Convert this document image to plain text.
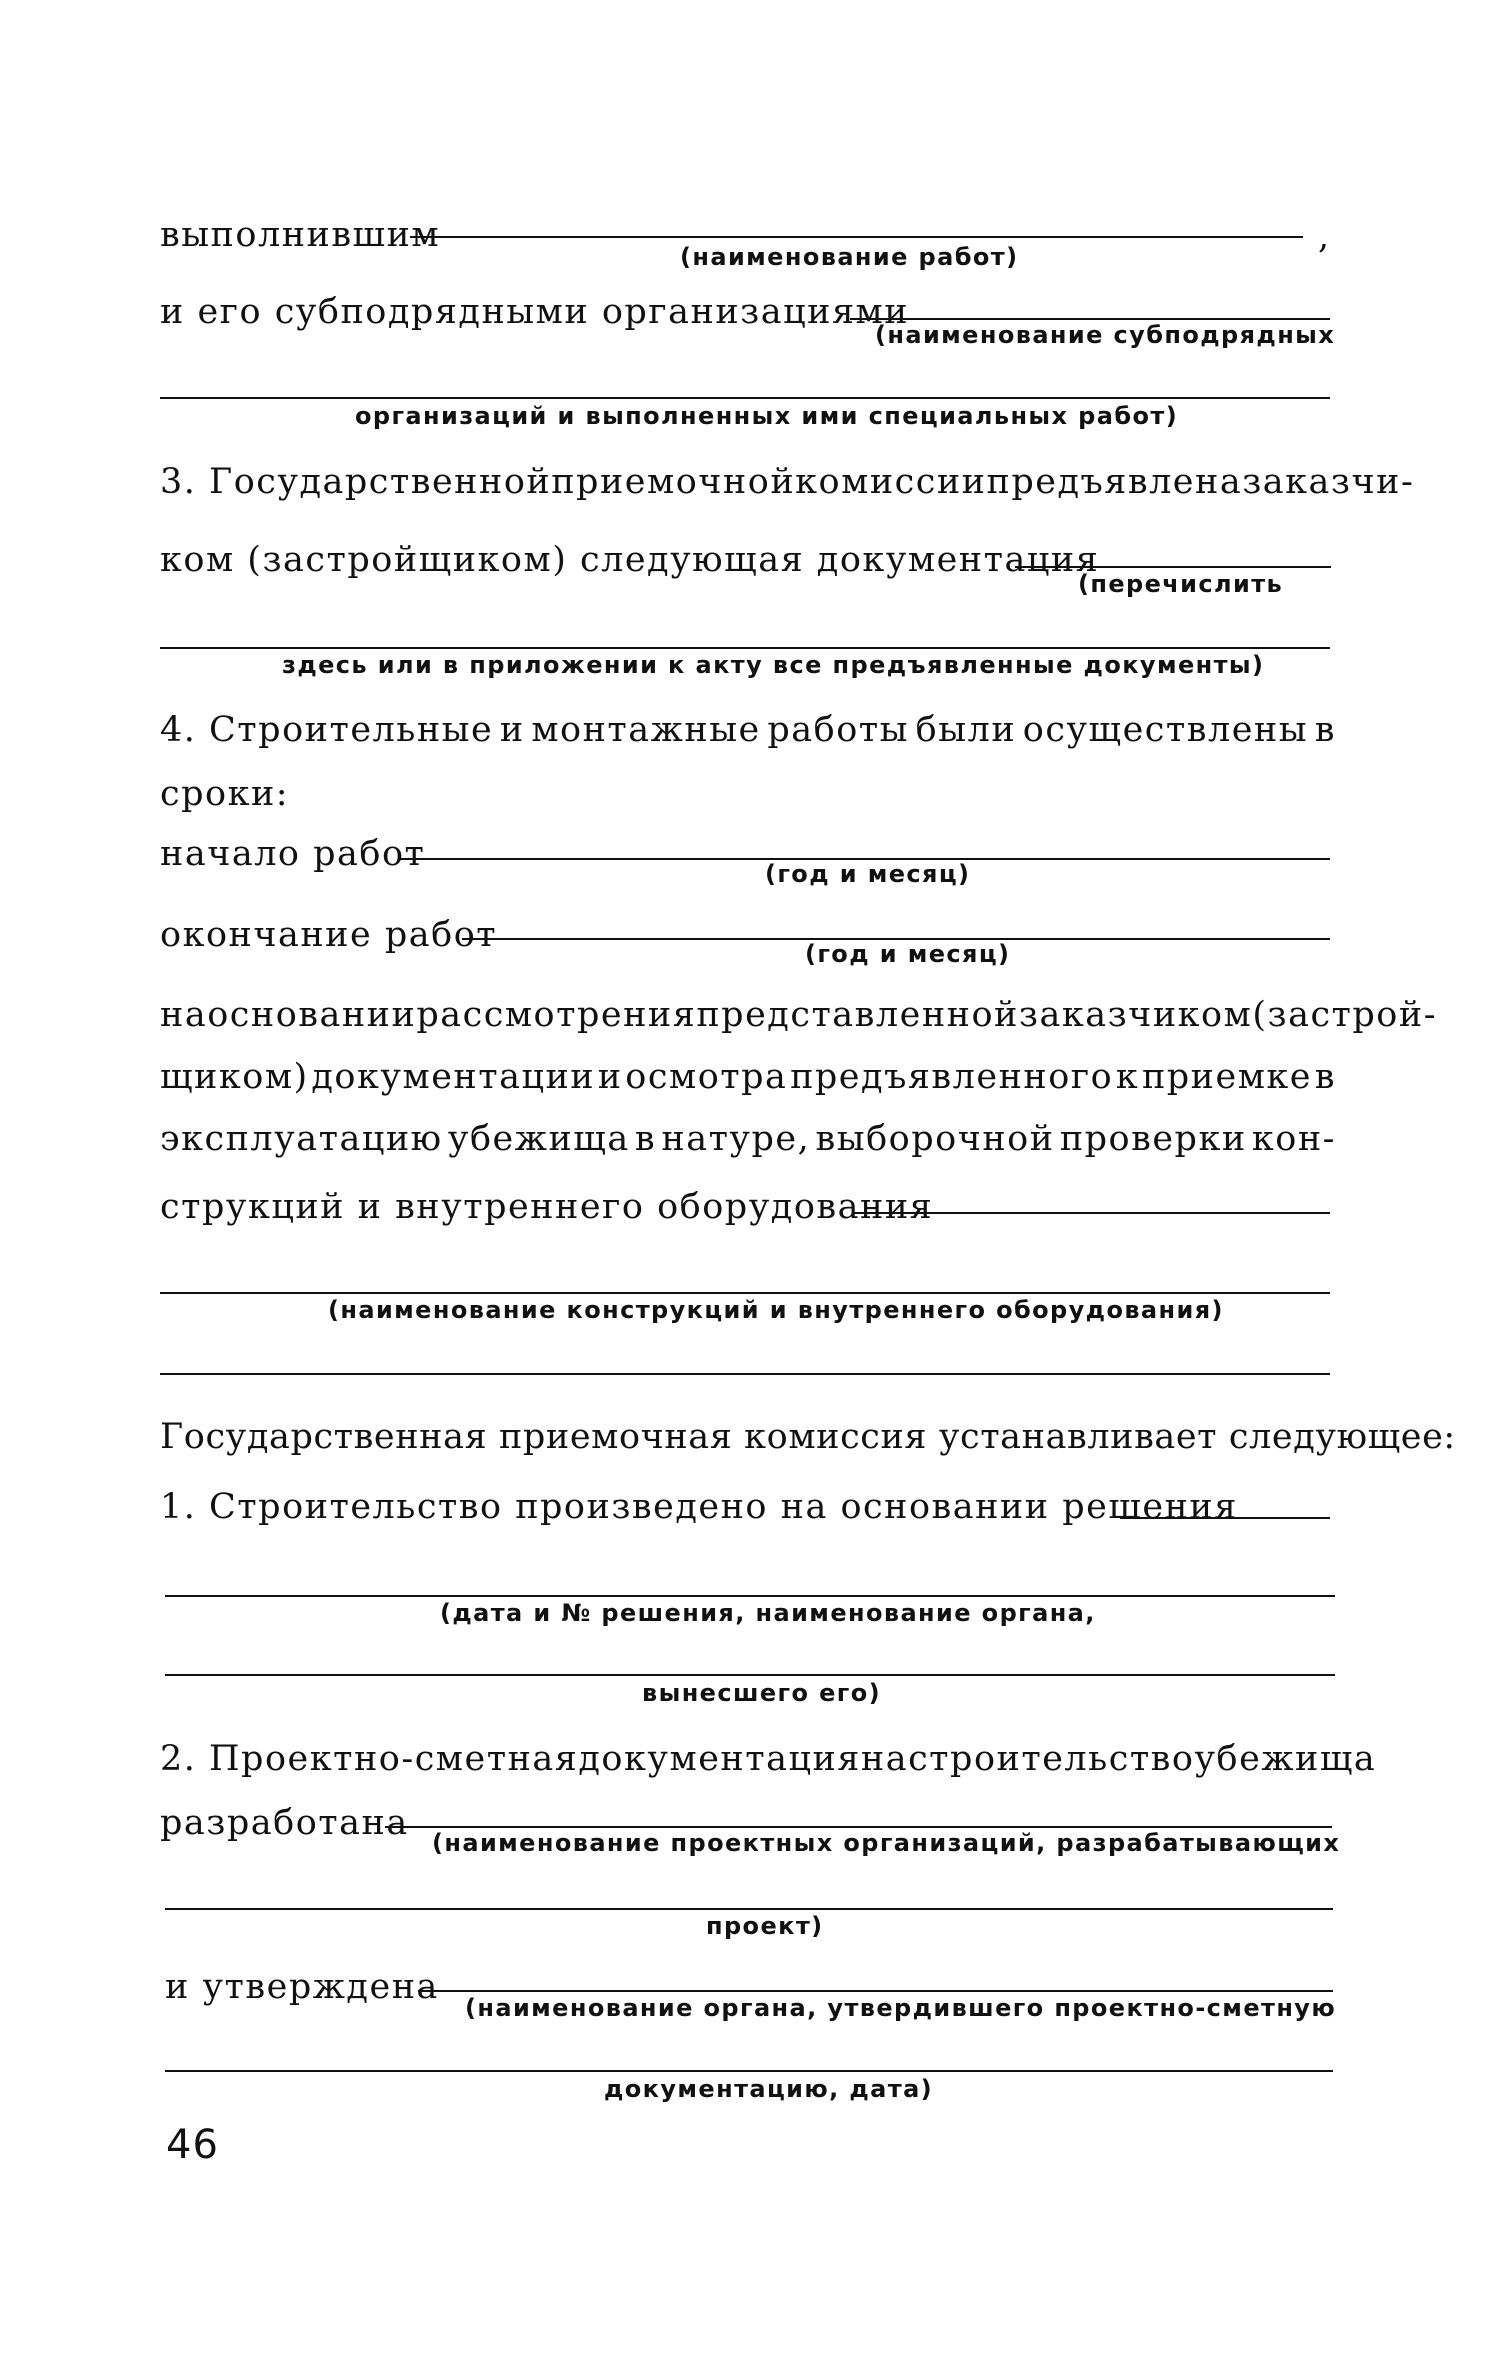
выполнившим	,
(наименование работ)
и его субподрядными организациями
(наименование субподрядных
организаций и выполненных ими специальных работ)
3. Государственной приемочной комиссии предъявлена заказчи-
ком (застройщиком) следующая документация
(перечислить
здесь или в приложении к акту все предъявленные документы)
4. Строительные и монтажные работы были осуществлены в
сроки:
начало работ	(год и месяц)
окончание работ	(год и месяц)
на основании рассмотрения представленной заказчиком (застрой-
щиком) документации и осмотра предъявленного к приемке в
эксплуатацию убежища в натуре, выборочной проверки кон-
струкций и внутреннего оборудования
(наименование конструкций и внутреннего оборудования)
Государственная приемочная комиссия устанавливает следующее:
1. Строительство произведено на основании решения
(дата и № решения, наименование органа,
вынесшего его)
2. Проектно-сметная документация на строительство убежища
разработана (наименование проектных организаций, разрабатывающих
проект)
и утверждена
(наименование органа, утвердившего проектно-сметную
документацию, дата)
46
